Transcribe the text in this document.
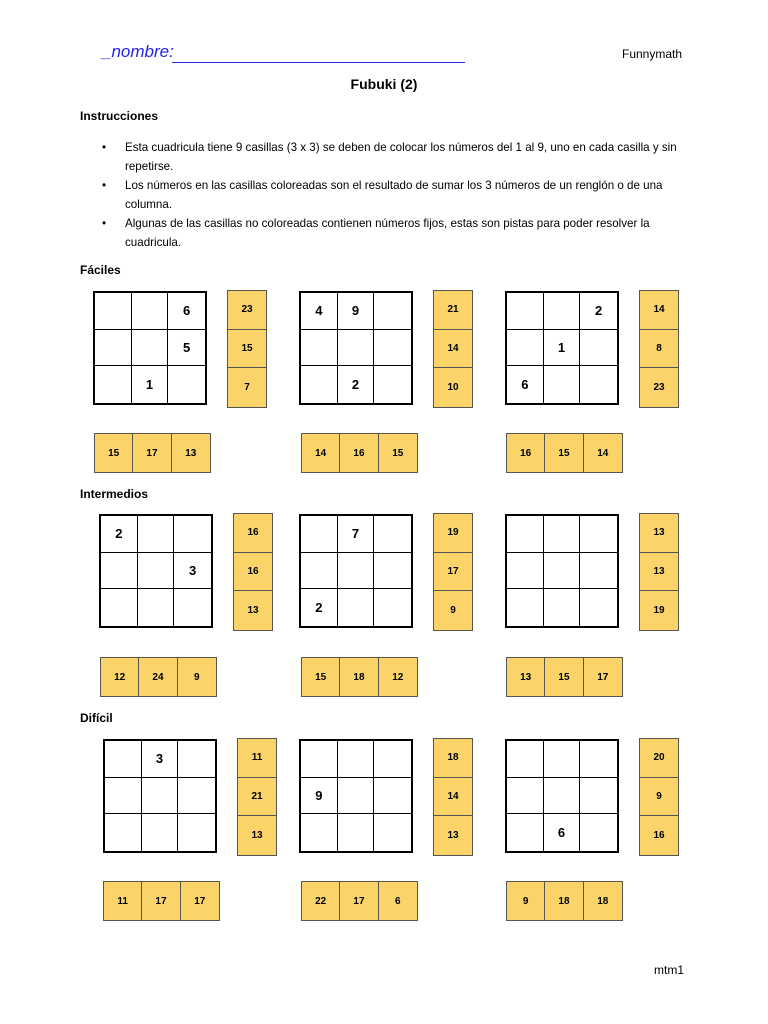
_nombre:	Funnymath
Fubuki (2)
Instrucciones
• Esta cuadricula tiene 9 casillas (3 x 3) se deben de colocar los números del 1 al 9, uno en cada casilla y sin repetirse.
• Los números en las casillas coloreadas son el resultado de sumar los 3 números de un renglón o de una columna.
• Algunas de las casillas no coloreadas contienen números fijos, estas son pistas para poder resolver la cuadricula.
Fáciles
6
5
1
23
15
7
15	17	13
4	9
2
21
14
10
14	16	15
2
1
6
14
8
23
16	15	14
Intermedios
2
3
16
16
13
12	24	9
7
2
19
17
9
15	18	12
13
13
19
13	15	17
Difícil
3	11
21
13
11	17	17
9
18
14
13
22	17	6
6
20
9
16
9	18	18
mtm1
